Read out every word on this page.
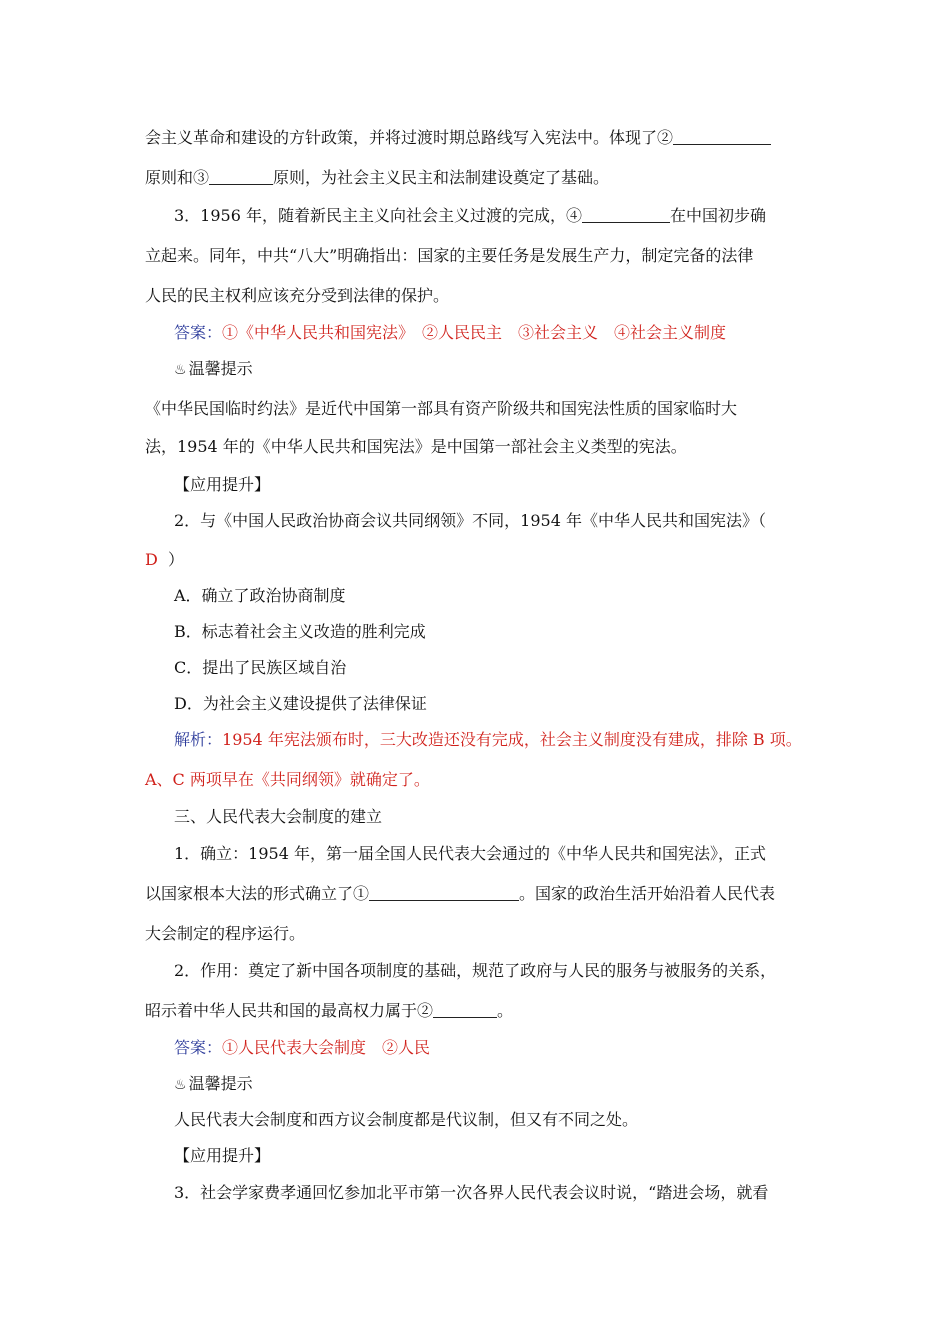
会主义革命和建设的方针政策，并将过渡时期总路线写入宪法中。体现了②
原则和③	原则，为社会主义民主和法制建设奠定了基础。
3．1956 年，随着新民主主义向社会主义过渡的完成，④	在中国初步确
立起来。同年，中共“八大”明确指出：国家的主要任务是发展生产力，制定完备的法律
人民的民主权利应该充分受到法律的保护。
答案：①《中华人民共和国宪法》　②人民民主　③社会主义　④社会主义制度
♨ 温馨提示
《中华民国临时约法》是近代中国第一部具有资产阶级共和国宪法性质的国家临时大
法，1954 年的《中华人民共和国宪法》是中国第一部社会主义类型的宪法。
【应用提升】
2．与《中国人民政治协商会议共同纲领》不同，1954 年《中华人民共和国宪法》（
D ）
A．确立了政治协商制度
B．标志着社会主义改造的胜利完成
C．提出了民族区域自治
D．为社会主义建设提供了法律保证
解析：1954 年宪法颁布时，三大改造还没有完成，社会主义制度没有建成，排除 B 项。
A、C 两项早在《共同纲领》就确定了。
三、人民代表大会制度的建立
1．确立：1954 年，第一届全国人民代表大会通过的《中华人民共和国宪法》，正式
以国家根本大法的形式确立了①	。国家的政治生活开始沿着人民代表
大会制定的程序运行。
2．作用：奠定了新中国各项制度的基础，规范了政府与人民的服务与被服务的关系，
昭示着中华人民共和国的最高权力属于②	。
答案：①人民代表大会制度　②人民
♨ 温馨提示
人民代表大会制度和西方议会制度都是代议制，但又有不同之处。
【应用提升】
3．社会学家费孝通回忆参加北平市第一次各界人民代表会议时说，“踏进会场，就看
